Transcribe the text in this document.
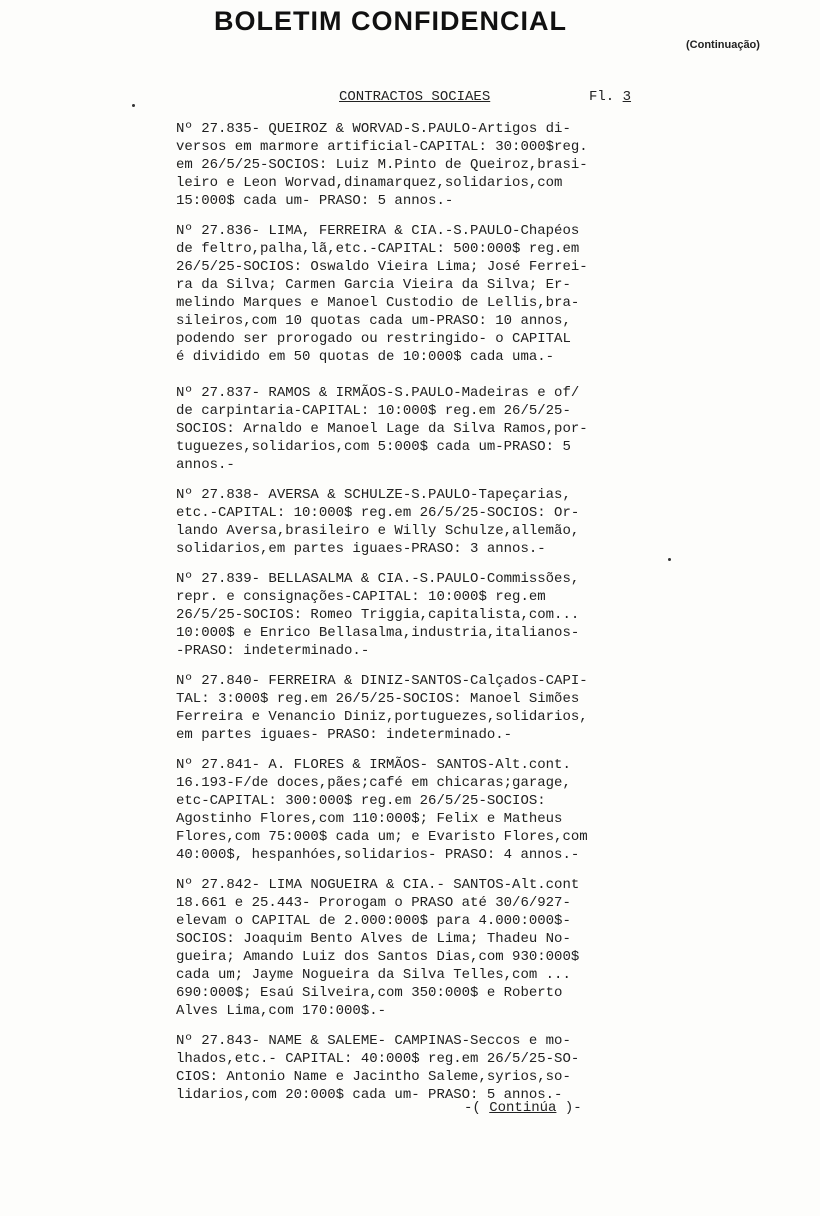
BOLETIM CONFIDENCIAL
(Continuação)
CONTRACTOS SOCIAES	Fl. 3
Nº 27.835- QUEIROZ & WORVAD-S.PAULO-Artigos di-
versos em marmore artificial-CAPITAL: 30:000$reg.
em 26/5/25-SOCIOS: Luiz M.Pinto de Queiroz,brasi-
leiro e Leon Worvad,dinamarquez,solidarios,com
15:000$ cada um- PRASO: 5 annos.-
Nº 27.836- LIMA, FERREIRA & CIA.-S.PAULO-Chapéos
de feltro,palha,lã,etc.-CAPITAL: 500:000$ reg.em
26/5/25-SOCIOS: Oswaldo Vieira Lima; José Ferrei-
ra da Silva; Carmen Garcia Vieira da Silva; Er-
melindo Marques e Manoel Custodio de Lellis,bra-
sileiros,com 10 quotas cada um-PRASO: 10 annos,
podendo ser prorogado ou restringido- o CAPITAL
é dividido em 50 quotas de 10:000$ cada uma.-
Nº 27.837- RAMOS & IRMÃOS-S.PAULO-Madeiras e of/
de carpintaria-CAPITAL: 10:000$ reg.em 26/5/25-
SOCIOS: Arnaldo e Manoel Lage da Silva Ramos,por-
tuguezes,solidarios,com 5:000$ cada um-PRASO: 5
annos.-
Nº 27.838- AVERSA & SCHULZE-S.PAULO-Tapeçarias,
etc.-CAPITAL: 10:000$ reg.em 26/5/25-SOCIOS: Or-
lando Aversa,brasileiro e Willy Schulze,allemão,
solidarios,em partes iguaes-PRASO: 3 annos.-
Nº 27.839- BELLASALMA & CIA.-S.PAULO-Commissões,
repr. e consignações-CAPITAL: 10:000$ reg.em
26/5/25-SOCIOS: Romeo Triggia,capitalista,com...
10:000$ e Enrico Bellasalma,industria,italianos-
-PRASO: indeterminado.-
Nº 27.840- FERREIRA & DINIZ-SANTOS-Calçados-CAPI-
TAL: 3:000$ reg.em 26/5/25-SOCIOS: Manoel Simões
Ferreira e Venancio Diniz,portuguezes,solidarios,
em partes iguaes- PRASO: indeterminado.-
Nº 27.841- A. FLORES & IRMÃOS- SANTOS-Alt.cont.
16.193-F/de doces,pães;café em chicaras;garage,
etc-CAPITAL: 300:000$ reg.em 26/5/25-SOCIOS:
Agostinho Flores,com 110:000$; Felix e Matheus
Flores,com 75:000$ cada um; e Evaristo Flores,com
40:000$, hespanhóes,solidarios- PRASO: 4 annos.-
Nº 27.842- LIMA NOGUEIRA & CIA.- SANTOS-Alt.cont
18.661 e 25.443- Prorogam o PRASO até 30/6/927-
elevam o CAPITAL de 2.000:000$ para 4.000:000$-
SOCIOS: Joaquim Bento Alves de Lima; Thadeu No-
gueira; Amando Luiz dos Santos Dias,com 930:000$
cada um; Jayme Nogueira da Silva Telles,com ...
690:000$; Esaú Silveira,com 350:000$ e Roberto
Alves Lima,com 170:000$.-
Nº 27.843- NAME & SALEME- CAMPINAS-Seccos e mo-
lhados,etc.- CAPITAL: 40:000$ reg.em 26/5/25-SO-
CIOS: Antonio Name e Jacintho Saleme,syrios,so-
lidarios,com 20:000$ cada um- PRASO: 5 annos.-
-( Continúa )-
